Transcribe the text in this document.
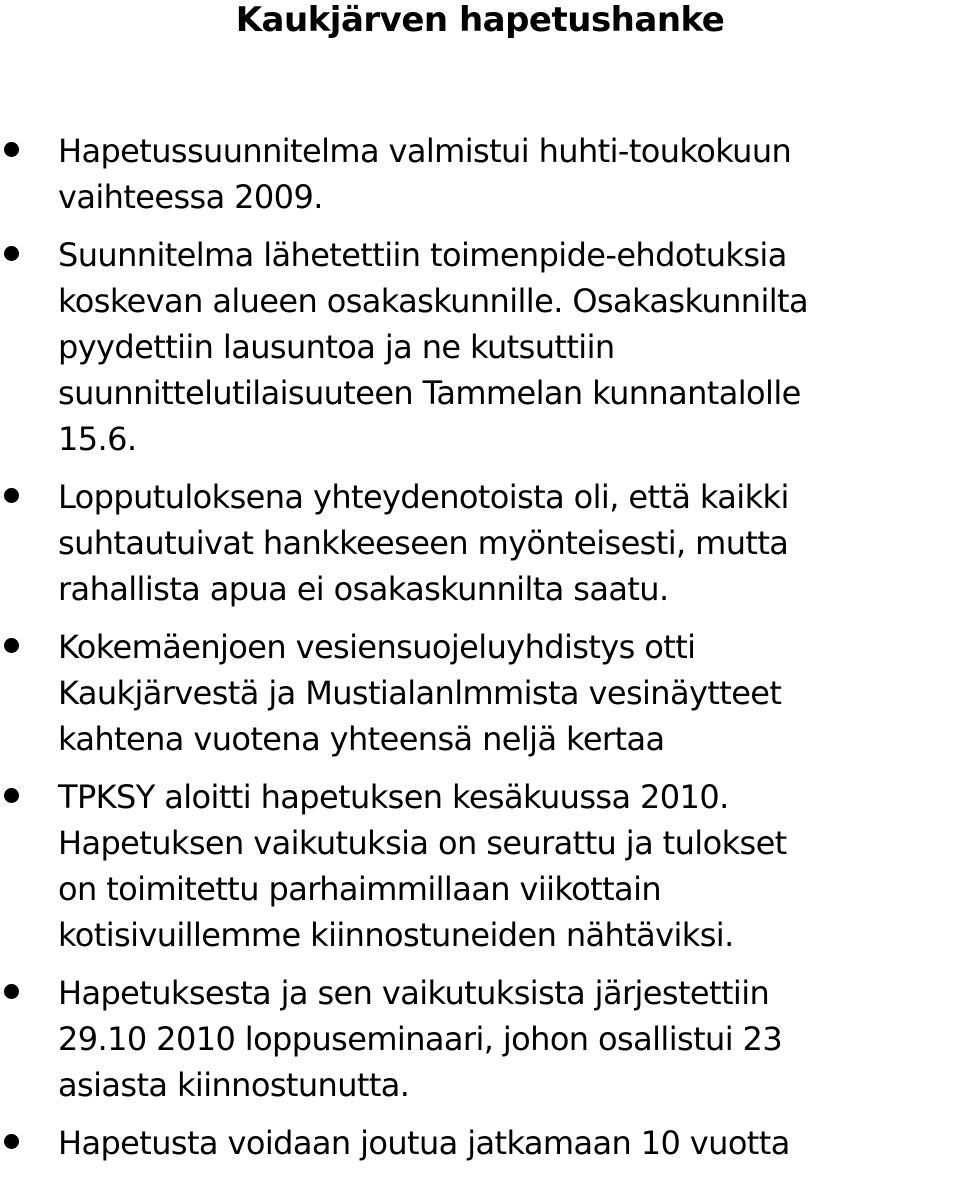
Kaukjärven hapetushanke
Hapetussuunnitelma valmistui huhti-toukokuun
vaihteessa 2009.
Suunnitelma lähetettiin toimenpide-ehdotuksia
koskevan alueen osakaskunnille. Osakaskunnilta
pyydettiin lausuntoa ja ne kutsuttiin
suunnittelutilaisuuteen Tammelan kunnantalolle
15.6.
Lopputuloksena yhteydenotoista oli, että kaikki
suhtautuivat hankkeeseen myönteisesti, mutta
rahallista apua ei osakaskunnilta saatu.
Kokemäenjoen vesiensuojeluyhdistys otti
Kaukjärvestä ja Mustialanlmmista vesinäytteet
kahtena vuotena yhteensä neljä kertaa
TPKSY aloitti hapetuksen kesäkuussa 2010.
Hapetuksen vaikutuksia on seurattu ja tulokset
on toimitettu parhaimmillaan viikottain
kotisivuillemme kiinnostuneiden nähtäviksi.
Hapetuksesta ja sen vaikutuksista järjestettiin
29.10 2010 loppuseminaari, johon osallistui 23
asiasta kiinnostunutta.
Hapetusta voidaan joutua jatkamaan 10 vuotta
